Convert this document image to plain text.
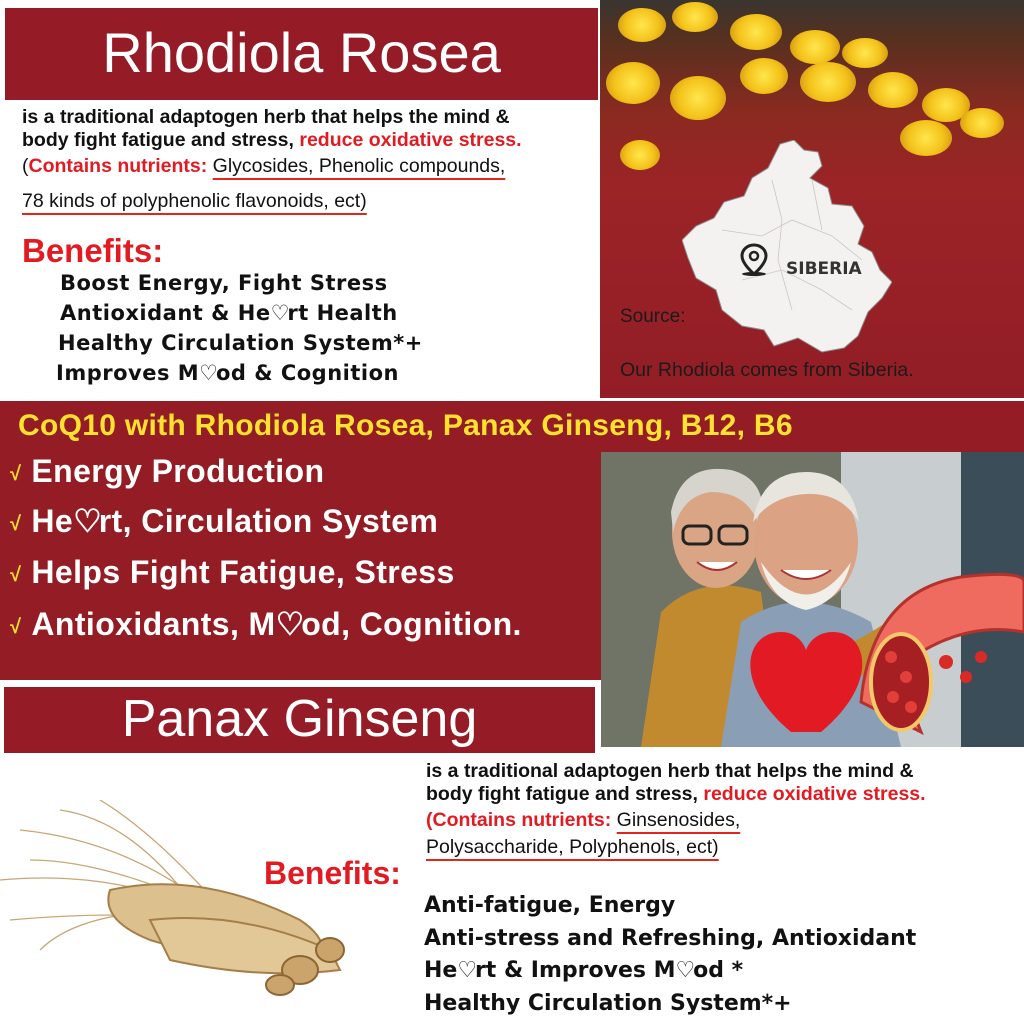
Rhodiola Rosea
is a traditional adaptogen herb that helps the mind &
body fight fatigue and stress, reduce oxidative stress.
(Contains nutrients: Glycosides, Phenolic compounds,
78 kinds of polyphenolic flavonoids, ect)
Benefits:
Boost Energy, Fight Stress
Antioxidant & He♡rt Health
Healthy Circulation System*+
Improves M♡od & Cognition
SIBERIA
Source:
Our Rhodiola comes from Siberia.
CoQ10 with Rhodiola Rosea, Panax Ginseng, B12, B6
√ Energy Production
√ He♡rt, Circulation System
√ Helps Fight Fatigue, Stress
√ Antioxidants, M♡od, Cognition.
Panax Ginseng
is a traditional adaptogen herb that helps the mind &
body fight fatigue and stress, reduce oxidative stress.
(Contains nutrients: Ginsenosides,
Polysaccharide, Polyphenols, ect)
Benefits:
Anti-fatigue, Energy
Anti-stress and Refreshing, Antioxidant
He♡rt & Improves M♡od *
Healthy Circulation System*+
